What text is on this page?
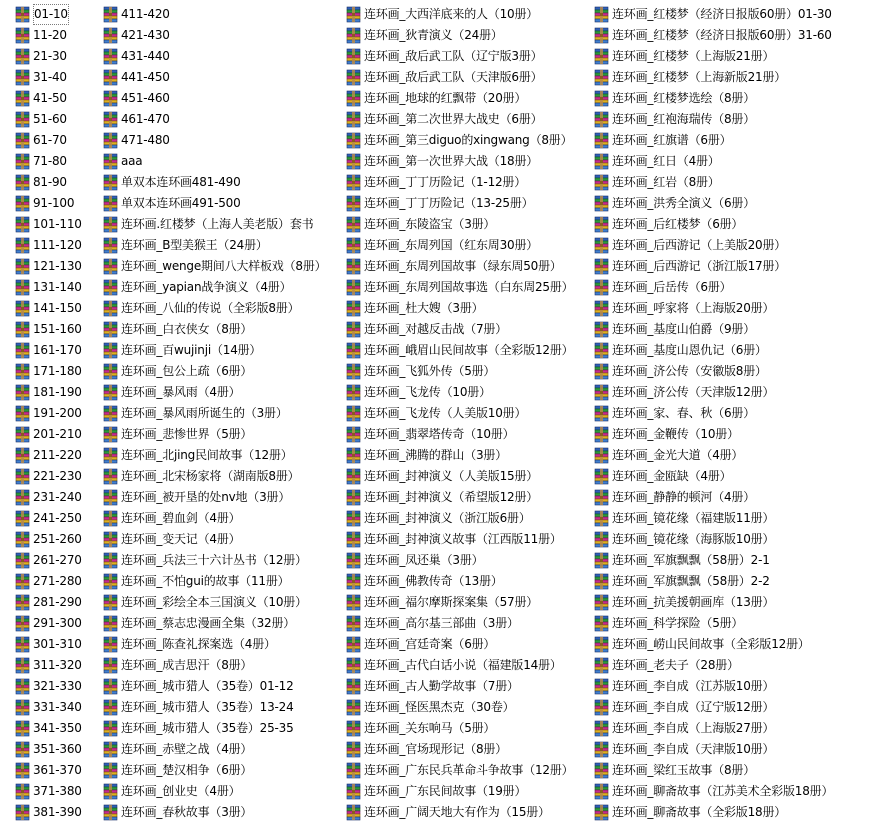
01-10
11-20
21-30
31-40
41-50
51-60
61-70
71-80
81-90
91-100
101-110
111-120
121-130
131-140
141-150
151-160
161-170
171-180
181-190
191-200
201-210
211-220
221-230
231-240
241-250
251-260
261-270
271-280
281-290
291-300
301-310
311-320
321-330
331-340
341-350
351-360
361-370
371-380
381-390
411-420
421-430
431-440
441-450
451-460
461-470
471-480
aaa
单双本连环画481-490
单双本连环画491-500
连环画.红楼梦（上海人美老版）套书
连环画_B型美猴王（24册）
连环画_wenge期间八大样板戏（8册）
连环画_yapian战争演义（4册）
连环画_八仙的传说（全彩版8册）
连环画_白衣侠女（8册）
连环画_百wujinji（14册）
连环画_包公上疏（6册）
连环画_暴风雨（4册）
连环画_暴风雨所诞生的（3册）
连环画_悲惨世界（5册）
连环画_北jing民间故事（12册）
连环画_北宋杨家将（湖南版8册）
连环画_被开垦的处nv地（3册）
连环画_碧血剑（4册）
连环画_变天记（4册）
连环画_兵法三十六计丛书（12册）
连环画_不怕gui的故事（11册）
连环画_彩绘全本三国演义（10册）
连环画_蔡志忠漫画全集（32册）
连环画_陈查礼探案选（4册）
连环画_成吉思汗（8册）
连环画_城市猎人（35卷）01-12
连环画_城市猎人（35卷）13-24
连环画_城市猎人（35卷）25-35
连环画_赤壁之战（4册）
连环画_楚汉相争（6册）
连环画_创业史（4册）
连环画_春秋故事（3册）
连环画_大西洋底来的人（10册）
连环画_狄青演义（24册）
连环画_敌后武工队（辽宁版3册）
连环画_敌后武工队（天津版6册）
连环画_地球的红飘带（20册）
连环画_第二次世界大战史（6册）
连环画_第三diguo的xingwang（8册）
连环画_第一次世界大战（18册）
连环画_丁丁历险记（1-12册）
连环画_丁丁历险记（13-25册）
连环画_东陵盗宝（3册）
连环画_东周列国（红东周30册）
连环画_东周列国故事（绿东周50册）
连环画_东周列国故事选（白东周25册）
连环画_杜大嫂（3册）
连环画_对越反击战（7册）
连环画_峨眉山民间故事（全彩版12册）
连环画_飞狐外传（5册）
连环画_飞龙传（10册）
连环画_飞龙传（人美版10册）
连环画_翡翠塔传奇（10册）
连环画_沸腾的群山（3册）
连环画_封神演义（人美版15册）
连环画_封神演义（希望版12册）
连环画_封神演义（浙江版6册）
连环画_封神演义故事（江西版11册）
连环画_凤还巢（3册）
连环画_佛教传奇（13册）
连环画_福尔摩斯探案集（57册）
连环画_高尔基三部曲（3册）
连环画_宫廷奇案（6册）
连环画_古代白话小说（福建版14册）
连环画_古人勤学故事（7册）
连环画_怪医黑杰克（30卷）
连环画_关东响马（5册）
连环画_官场现形记（8册）
连环画_广东民兵革命斗争故事（12册）
连环画_广东民间故事（19册）
连环画_广阔天地大有作为（15册）
连环画_红楼梦（经济日报版60册）01-30
连环画_红楼梦（经济日报版60册）31-60
连环画_红楼梦（上海版21册）
连环画_红楼梦（上海新版21册）
连环画_红楼梦选绘（8册）
连环画_红袍海瑞传（8册）
连环画_红旗谱（6册）
连环画_红日（4册）
连环画_红岩（8册）
连环画_洪秀全演义（6册）
连环画_后红楼梦（6册）
连环画_后西游记（上美版20册）
连环画_后西游记（浙江版17册）
连环画_后岳传（6册）
连环画_呼家将（上海版20册）
连环画_基度山伯爵（9册）
连环画_基度山恩仇记（6册）
连环画_济公传（安徽版8册）
连环画_济公传（天津版12册）
连环画_家、春、秋（6册）
连环画_金鞭传（10册）
连环画_金光大道（4册）
连环画_金瓯缺（4册）
连环画_静静的顿河（4册）
连环画_镜花缘（福建版11册）
连环画_镜花缘（海豚版10册）
连环画_军旗飘飘（58册）2-1
连环画_军旗飘飘（58册）2-2
连环画_抗美援朝画库（13册）
连环画_科学探险（5册）
连环画_崂山民间故事（全彩版12册）
连环画_老夫子（28册）
连环画_李自成（江苏版10册）
连环画_李自成（辽宁版12册）
连环画_李自成（上海版27册）
连环画_李自成（天津版10册）
连环画_梁红玉故事（8册）
连环画_聊斋故事（江苏美术全彩版18册）
连环画_聊斋故事（全彩版18册）
